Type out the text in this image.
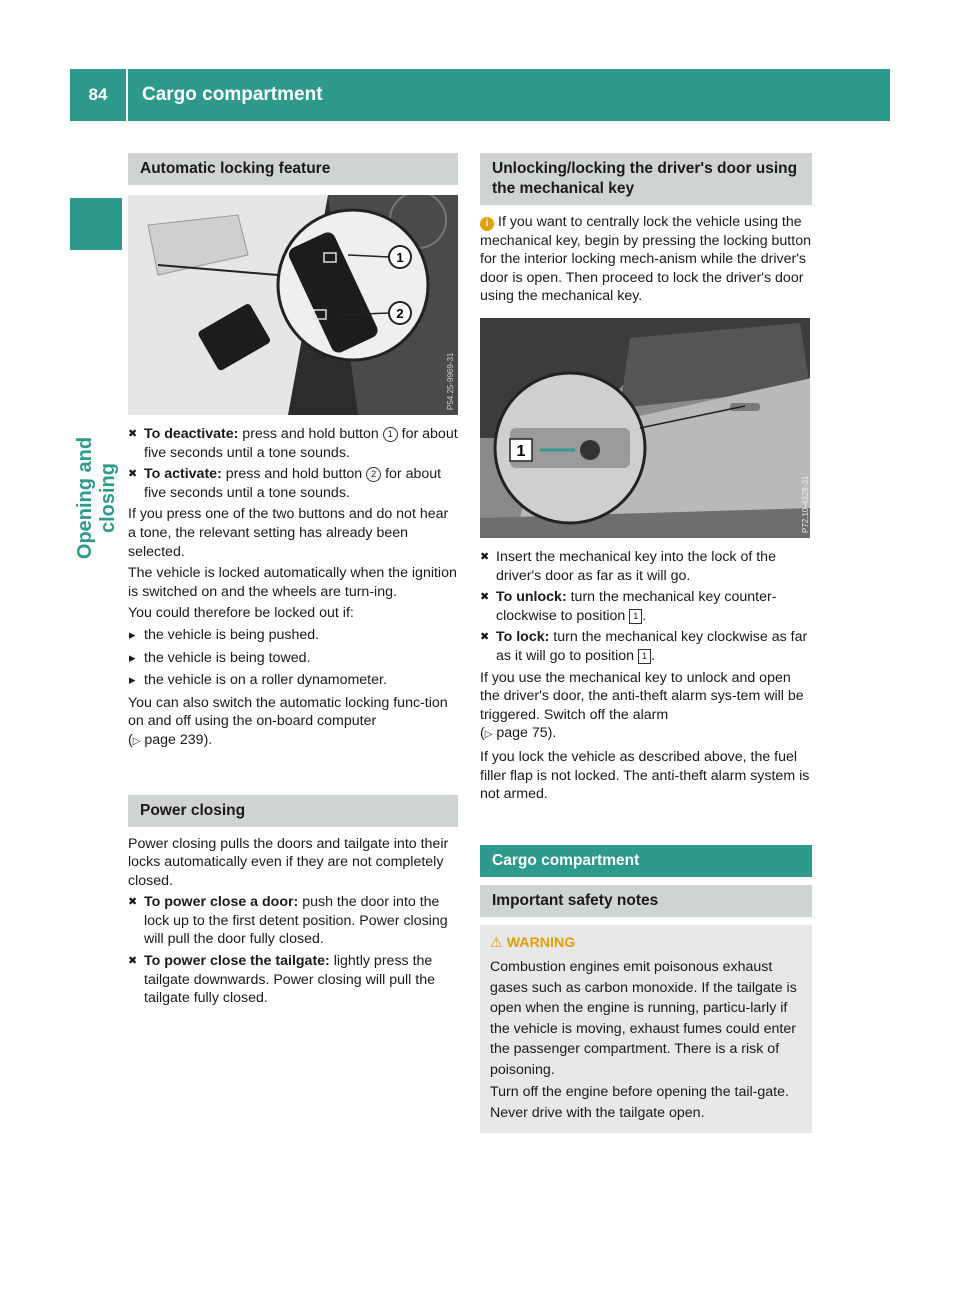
84	Cargo compartment
Opening and closing
Automatic locking feature
1
2
P54.25-9969-31
✖ To deactivate: press and hold button 1 for about five seconds until a tone sounds.
✖ To activate: press and hold button 2 for about five seconds until a tone sounds.

If you press one of the two buttons and do not hear a tone, the relevant setting has already been selected.

The vehicle is locked automatically when the ignition is switched on and the wheels are turn-ing.

You could therefore be locked out if:

▸ the vehicle is being pushed.
▸ the vehicle is being towed.
▸ the vehicle is on a roller dynamometer.

You can also switch the automatic locking func-tion on and off using the on-board computer
(▷ page 239).

Power closing

Power closing pulls the doors and tailgate into their locks automatically even if they are not completely closed.

✖ To power close a door: push the door into the lock up to the first detent position. Power closing will pull the door fully closed.
✖ To power close the tailgate: lightly press the tailgate downwards. Power closing will pull the tailgate fully closed.
Unlocking/locking the driver's door using the mechanical key

i If you want to centrally lock the vehicle using the mechanical key, begin by pressing the locking button for the interior locking mech-anism while the driver's door is open. Then proceed to lock the driver's door using the mechanical key.

1
P72.10-4328-31
✖ Insert the mechanical key into the lock of the driver's door as far as it will go.
✖ To unlock: turn the mechanical key counter-clockwise to position 1 .
✖ To lock: turn the mechanical key clockwise as far as it will go to position 1 .

If you use the mechanical key to unlock and open the driver's door, the anti-theft alarm sys-tem will be triggered. Switch off the alarm
(▷ page 75).

If you lock the vehicle as described above, the fuel filler flap is not locked. The anti-theft alarm system is not armed.

Cargo compartment
Important safety notes
⚠ WARNING
Combustion engines emit poisonous exhaust gases such as carbon monoxide. If the tailgate is open when the engine is running, particu-larly if the vehicle is moving, exhaust fumes could enter the passenger compartment. There is a risk of poisoning.
Turn off the engine before opening the tail-gate. Never drive with the tailgate open.
